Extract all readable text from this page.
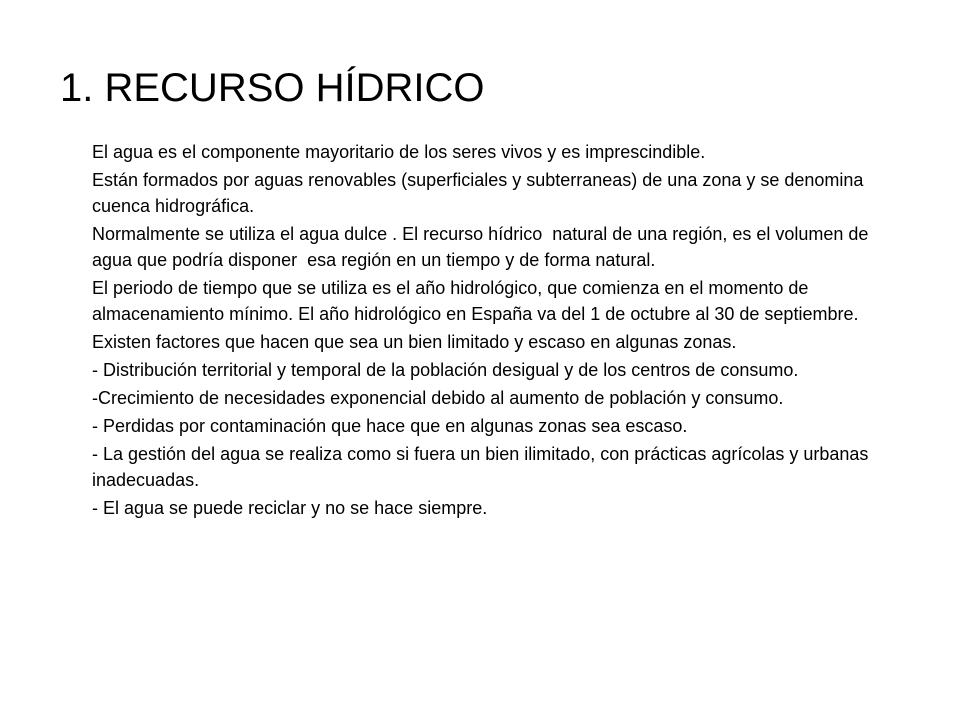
1. RECURSO HÍDRICO
El agua es el componente mayoritario de los seres vivos y es imprescindible.
Están formados por aguas renovables (superficiales y subterraneas) de una zona y se denomina cuenca hidrográfica.
Normalmente se utiliza el agua dulce . El recurso hídrico  natural de una región, es el volumen de agua que podría disponer  esa región en un tiempo y de forma natural.
El periodo de tiempo que se utiliza es el año hidrológico, que comienza en el momento de almacenamiento mínimo. El año hidrológico en España va del 1 de octubre al 30 de septiembre.
Existen factores que hacen que sea un bien limitado y escaso en algunas zonas.
- Distribución territorial y temporal de la población desigual y de los centros de consumo.
-Crecimiento de necesidades exponencial debido al aumento de población y consumo.
- Perdidas por contaminación que hace que en algunas zonas sea escaso.
- La gestión del agua se realiza como si fuera un bien ilimitado, con prácticas agrícolas y urbanas inadecuadas.
- El agua se puede reciclar y no se hace siempre.
